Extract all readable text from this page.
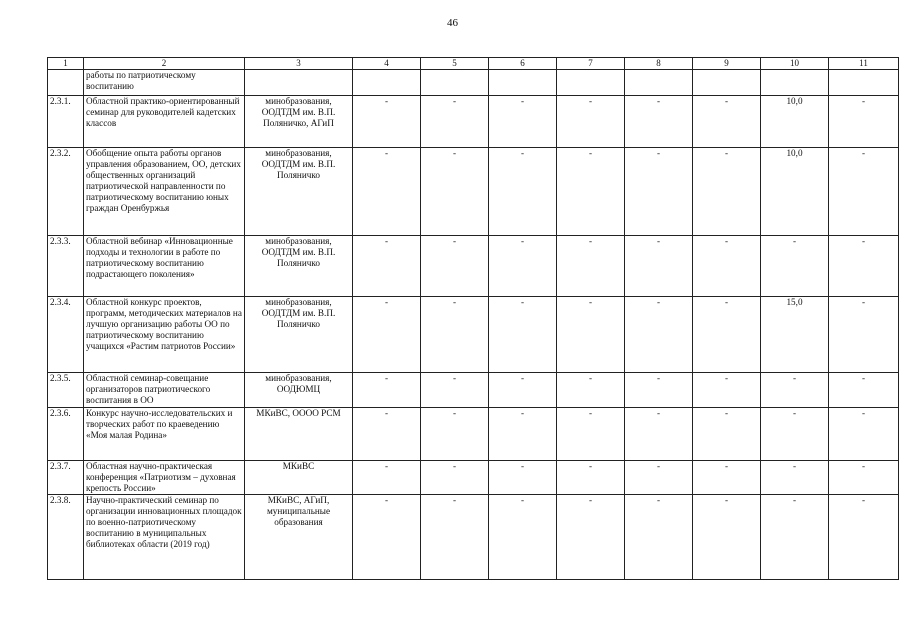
46
1	2	3	4	5	6	7	8	9	10	11
	работы по патриотическому воспитанию									
2.3.1.	Областной практико-ориентированный семинар для руководителей кадетских классов	минобразования, ООДТДМ им. В.П. Поляничко, АГиП	-	-	-	-	-	-	10,0	-
2.3.2.	Обобщение опыта работы органов управления образованием, ОО, детских общественных организаций патриотической направленности по патриотическому воспитанию юных граждан Оренбуржья	минобразования, ООДТДМ им. В.П. Поляничко	-	-	-	-	-	-	10,0	-
2.3.3.	Областной вебинар «Инновационные подходы и технологии в работе по патриотическому воспитанию подрастающего поколения»	минобразования, ООДТДМ им. В.П. Поляничко	-	-	-	-	-	-	-	-
2.3.4.	Областной конкурс проектов, программ, методических материалов на лучшую организацию работы ОО по патриотическому воспитанию учащихся «Растим патриотов России»	минобразования, ООДТДМ им. В.П. Поляничко	-	-	-	-	-	-	15,0	-
2.3.5.	Областной семинар-совещание организаторов патриотического воспитания в ОО	минобразования, ООДЮМЦ	-	-	-	-	-	-	-	-
2.3.6.	Конкурс научно-исследовательских и творческих работ по краеведению «Моя малая Родина»	МКиВС, ОООО РСМ	-	-	-	-	-	-	-	-
2.3.7.	Областная научно-практическая конференция «Патриотизм – духовная крепость России»	МКиВС	-	-	-	-	-	-	-	-
2.3.8.	Научно-практический семинар по организации инновационных площадок по военно-патриотическому воспитанию в муниципальных библиотеках области (2019 год)	МКиВС, АГиП, муниципальные образования	-	-	-	-	-	-	-	-
